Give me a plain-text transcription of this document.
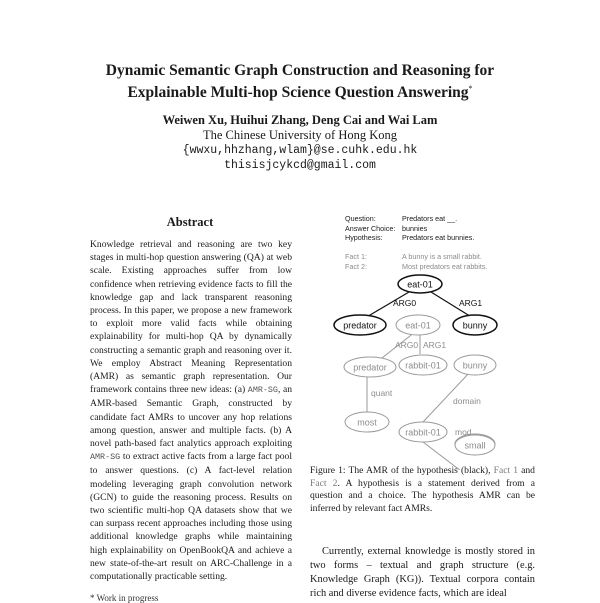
Dynamic Semantic Graph Construction and Reasoning for
Explainable Multi-hop Science Question Answering*
Weiwen Xu, Huihui Zhang, Deng Cai and Wai Lam
The Chinese University of Hong Kong
{wwxu,hhzhang,wlam}@se.cuhk.edu.hk
thisisjcykcd@gmail.com
Abstract
Knowledge retrieval and reasoning are two key stages in multi-hop question answering (QA) at web scale. Existing approaches suffer from low confidence when retrieving evidence facts to fill the knowledge gap and lack transparent reasoning process. In this paper, we propose a new framework to exploit more valid facts while obtaining explainability for multi-hop QA by dynamically constructing a semantic graph and reasoning over it. We employ Abstract Meaning Representation (AMR) as semantic graph representation. Our framework contains three new ideas: (a) AMR-SG, an AMR-based Semantic Graph, constructed by candidate fact AMRs to uncover any hop relations among question, answer and multiple facts. (b) A novel path-based fact analytics approach exploiting AMR-SG to extract active facts from a large fact pool to answer questions. (c) A fact-level relation modeling leveraging graph convolution network (GCN) to guide the reasoning process. Results on two scientific multi-hop QA datasets show that we can surpass recent approaches including those using additional knowledge graphs while maintaining high explainability on OpenBookQA and achieve a new state-of-the-art result on ARC-Challenge in a computationally practicable setting.
Question:	Predators eat __.
Answer Choice: bunnies
Hypothesis:	Predators eat bunnies.
Fact 1:	A bunny is a small rabbit.
Fact 2:	Most predators eat rabbits.
eat-01
predator	bunny
eat-01
predator rabbit-01 bunny
most
rabbit-01
ARG0	ARG1
ARG0 ARG1
quant
domain
mod
small
Figure 1: The AMR of the hypothesis (black), Fact 1 and Fact 2. A hypothesis is a statement derived from a question and a choice. The hypothesis AMR can be inferred by relevant fact AMRs.
Currently, external knowledge is mostly stored in two forms – textual and graph structure (e.g. Knowledge Graph (KG)). Textual corpora contain rich and diverse evidence facts, which are ideal
* Work in progress
